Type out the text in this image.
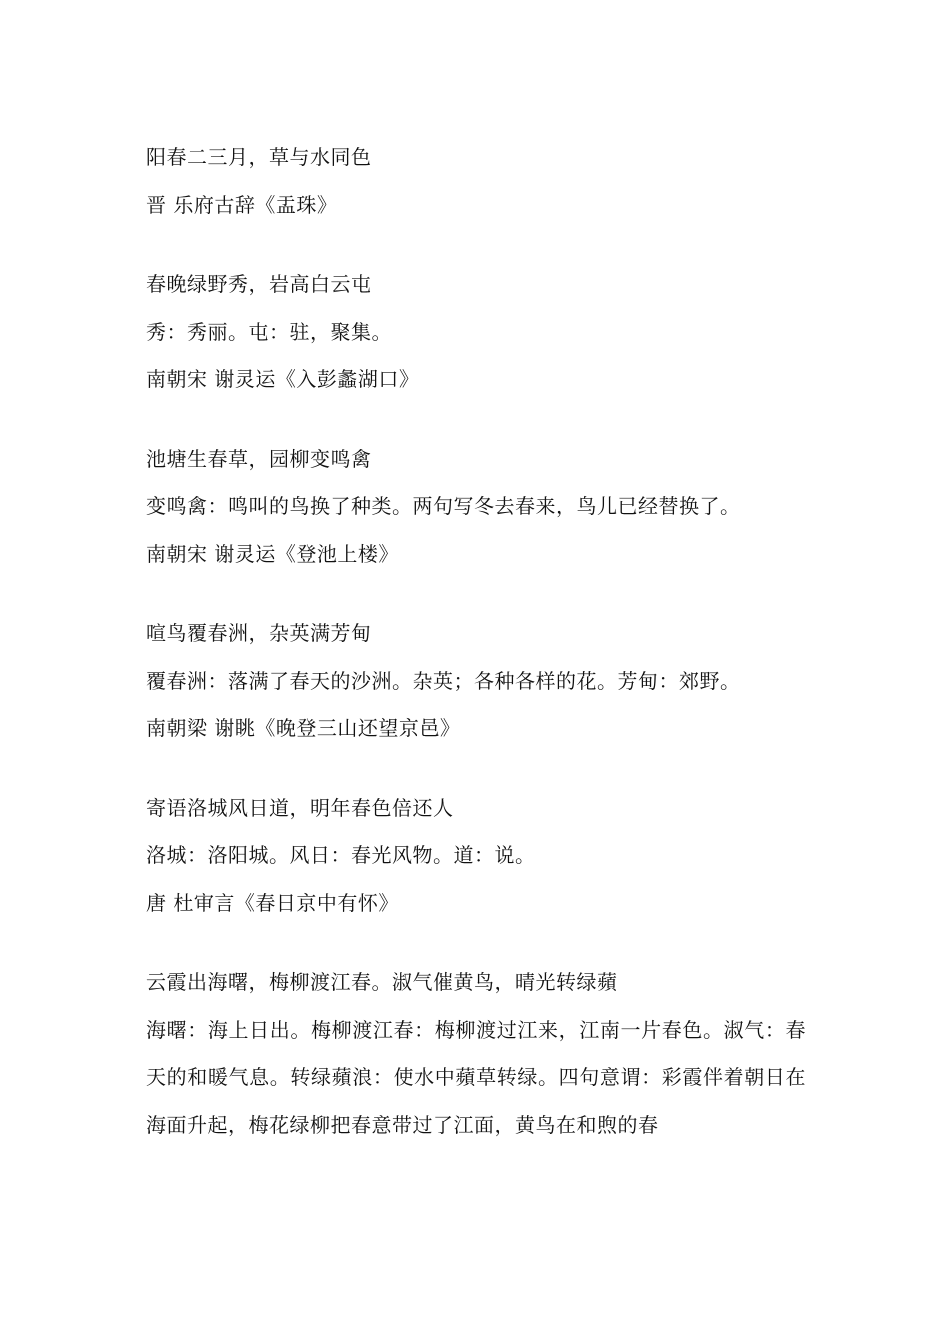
阳春二三月，草与水同色

晋 乐府古辞《盂珠》

春晚绿野秀，岩高白云屯

秀：秀丽。屯：驻，聚集。

南朝宋 谢灵运《入彭蠡湖口》

池塘生春草，园柳变鸣禽

变鸣禽：鸣叫的鸟换了种类。两句写冬去春来，鸟儿已经替换了。

南朝宋 谢灵运《登池上楼》

喧鸟覆春洲，杂英满芳甸

覆春洲：落满了春天的沙洲。杂英；各种各样的花。芳甸：郊野。

南朝梁 谢眺《晚登三山还望京邑》

寄语洛城风日道，明年春色倍还人

洛城：洛阳城。风日：春光风物。道：说。

唐 杜审言《春日京中有怀》

云霞出海曙，梅柳渡江春。淑气催黄鸟，晴光转绿蘋

海曙：海上日出。梅柳渡江春：梅柳渡过江来，江南一片春色。淑气：春天的和暖气息。转绿蘋浪：使水中蘋草转绿。四句意谓：彩霞伴着朝日在海面升起，梅花绿柳把春意带过了江面，黄鸟在和煦的春
